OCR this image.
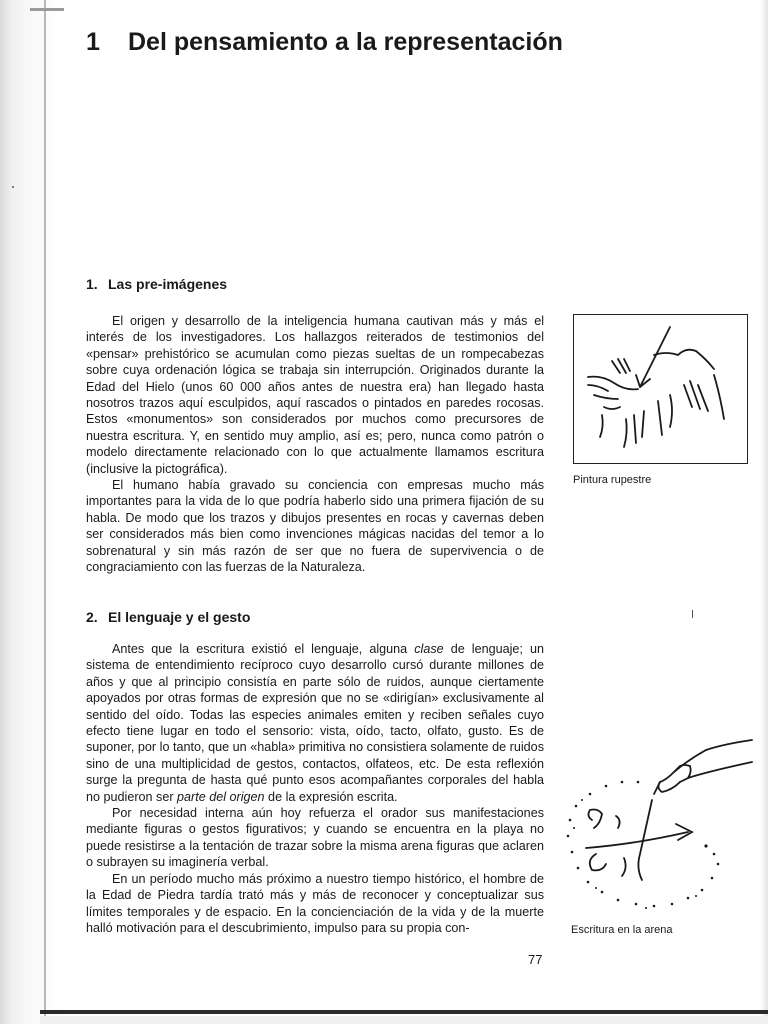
1 Del pensamiento a la representación
1. Las pre-imágenes

El origen y desarrollo de la inteligencia humana cautivan más y más el interés de los investigadores. Los hallazgos reiterados de testimonios del «pensar» prehistórico se acumulan como piezas sueltas de un rompecabezas sobre cuya ordenación lógica se trabaja sin interrupción. Originados durante la Edad del Hielo (unos 60 000 años antes de nuestra era) han llegado hasta nosotros trazos aquí esculpidos, aquí rascados o pintados en paredes rocosas. Estos «monumentos» son considerados por muchos como precursores de nuestra escritura. Y, en sentido muy amplio, así es; pero, nunca como patrón o modelo directamente relacionado con lo que actualmente llamamos escritura (inclusive la pictográfica).

El humano había gravado su conciencia con empresas mucho más importantes para la vida de lo que podría haberlo sido una primera fijación de su habla. De modo que los trazos y dibujos presentes en rocas y cavernas deben ser considerados más bien como invenciones mágicas nacidas del temor a lo sobrenatural y sin más razón de ser que no fuera de supervivencia o de congraciamiento con las fuerzas de la Naturaleza.

Pintura rupestre
2. El lenguaje y el gesto

Antes que la escritura existió el lenguaje, alguna clase de lenguaje; un sistema de entendimiento recíproco cuyo desarrollo cursó durante millones de años y que al principio consistía en parte sólo de ruidos, aunque ciertamente apoyados por otras formas de expresión que no se «dirigían» exclusivamente al sentido del oído. Todas las especies animales emiten y reciben señales cuyo efecto tiene lugar en todo el sensorio: vista, oído, tacto, olfato, gusto. Es de suponer, por lo tanto, que un «habla» primitiva no consistiera solamente de ruidos sino de una multiplicidad de gestos, contactos, olfateos, etc. De esta reflexión surge la pregunta de hasta qué punto esos acompañantes corporales del habla no pudieron ser parte del origen de la expresión escrita.

Por necesidad interna aún hoy refuerza el orador sus manifestaciones mediante figuras o gestos figurativos; y cuando se encuentra en la playa no puede resistirse a la tentación de trazar sobre la misma arena figuras que aclaren o subrayen su imaginería verbal.

En un período mucho más próximo a nuestro tiempo histórico, el hombre de la Edad de Piedra tardía trató más y más de reconocer y conceptualizar sus límites temporales y de espacio. En la concienciación de la vida y de la muerte halló motivación para el descubrimiento, impulso para su propia con-	Escritura en la arena
77
